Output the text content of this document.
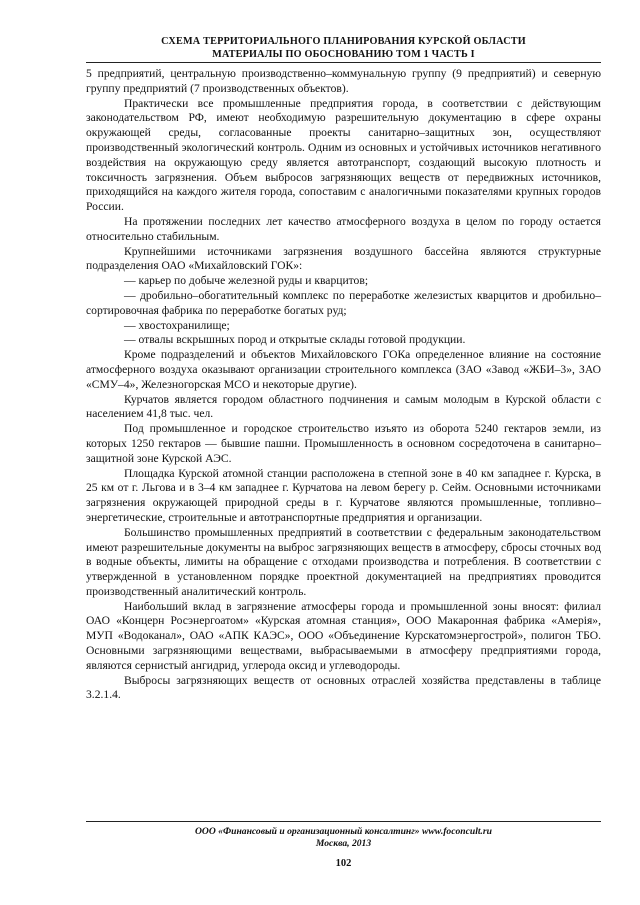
СХЕМА ТЕРРИТОРИАЛЬНОГО ПЛАНИРОВАНИЯ КУРСКОЙ ОБЛАСТИ
МАТЕРИАЛЫ ПО ОБОСНОВАНИЮ ТОМ 1 ЧАСТЬ I

5 предприятий, центральную производственно–коммунальную группу (9 предприятий) и северную группу предприятий (7 производственных объектов).

Практически все промышленные предприятия города, в соответствии с действующим законодательством РФ, имеют необходимую разрешительную документацию в сфере охраны окружающей среды, согласованные проекты санитарно–защитных зон, осуществляют производственный экологический контроль. Одним из основных и устойчивых источников негативного воздействия на окружающую среду является автотранспорт, создающий высокую плотность и токсичность загрязнения. Объем выбросов загрязняющих веществ от передвижных источников, приходящийся на каждого жителя города, сопоставим с аналогичными показателями крупных городов России.

На протяжении последних лет качество атмосферного воздуха в целом по городу остается относительно стабильным.

Крупнейшими источниками загрязнения воздушного бассейна являются структурные подразделения ОАО «Михайловский ГОК»:

— карьер по добыче железной руды и кварцитов;

— дробильно–обогатительный комплекс по переработке железистых кварцитов и дробильно–сортировочная фабрика по переработке богатых руд;

— хвостохранилище;

— отвалы вскрышных пород и открытые склады готовой продукции.

Кроме подразделений и объектов Михайловского ГОКа определенное влияние на состояние атмосферного воздуха оказывают организации строительного комплекса (ЗАО «Завод «ЖБИ–3», ЗАО «СМУ–4», Железногорская МСО и некоторые другие).

Курчатов является городом областного подчинения и самым молодым в Курской области с населением 41,8 тыс. чел.

Под промышленное и городское строительство изъято из оборота 5240 гектаров земли, из которых 1250 гектаров — бывшие пашни. Промышленность в основном сосредоточена в санитарно–защитной зоне Курской АЭС.

Площадка Курской атомной станции расположена в степной зоне в 40 км западнее г. Курска, в 25 км от г. Льгова и в 3–4 км западнее г. Курчатова на левом берегу р. Сейм. Основными источниками загрязнения окружающей природной среды в г. Курчатове являются промышленные, топливно–энергетические, строительные и автотранспортные предприятия и организации.

Большинство промышленных предприятий в соответствии с федеральным законодательством имеют разрешительные документы на выброс загрязняющих веществ в атмосферу, сбросы сточных вод в водные объекты, лимиты на обращение с отходами производства и потребления. В соответствии с утвержденной в установленном порядке проектной документацией на предприятиях проводится производственный аналитический контроль.

Наибольший вклад в загрязнение атмосферы города и промышленной зоны вносят: филиал ОАО «Концерн Росэнергоатом» «Курская атомная станция», ООО Макаронная фабрика «Амерія», МУП «Водоканал», ОАО «АПК КАЭС», ООО «Объединение Курскатомэнергострой», полигон ТБО. Основными загрязняющими веществами, выбрасываемыми в атмосферу предприятиями города, являются сернистый ангидрид, углерода оксид и углеводороды.

Выбросы загрязняющих веществ от основных отраслей хозяйства представлены в таблице 3.2.1.4.

ООО «Финансовый и организационный консалтинг» www.foconcult.ru
Москва, 2013
102
